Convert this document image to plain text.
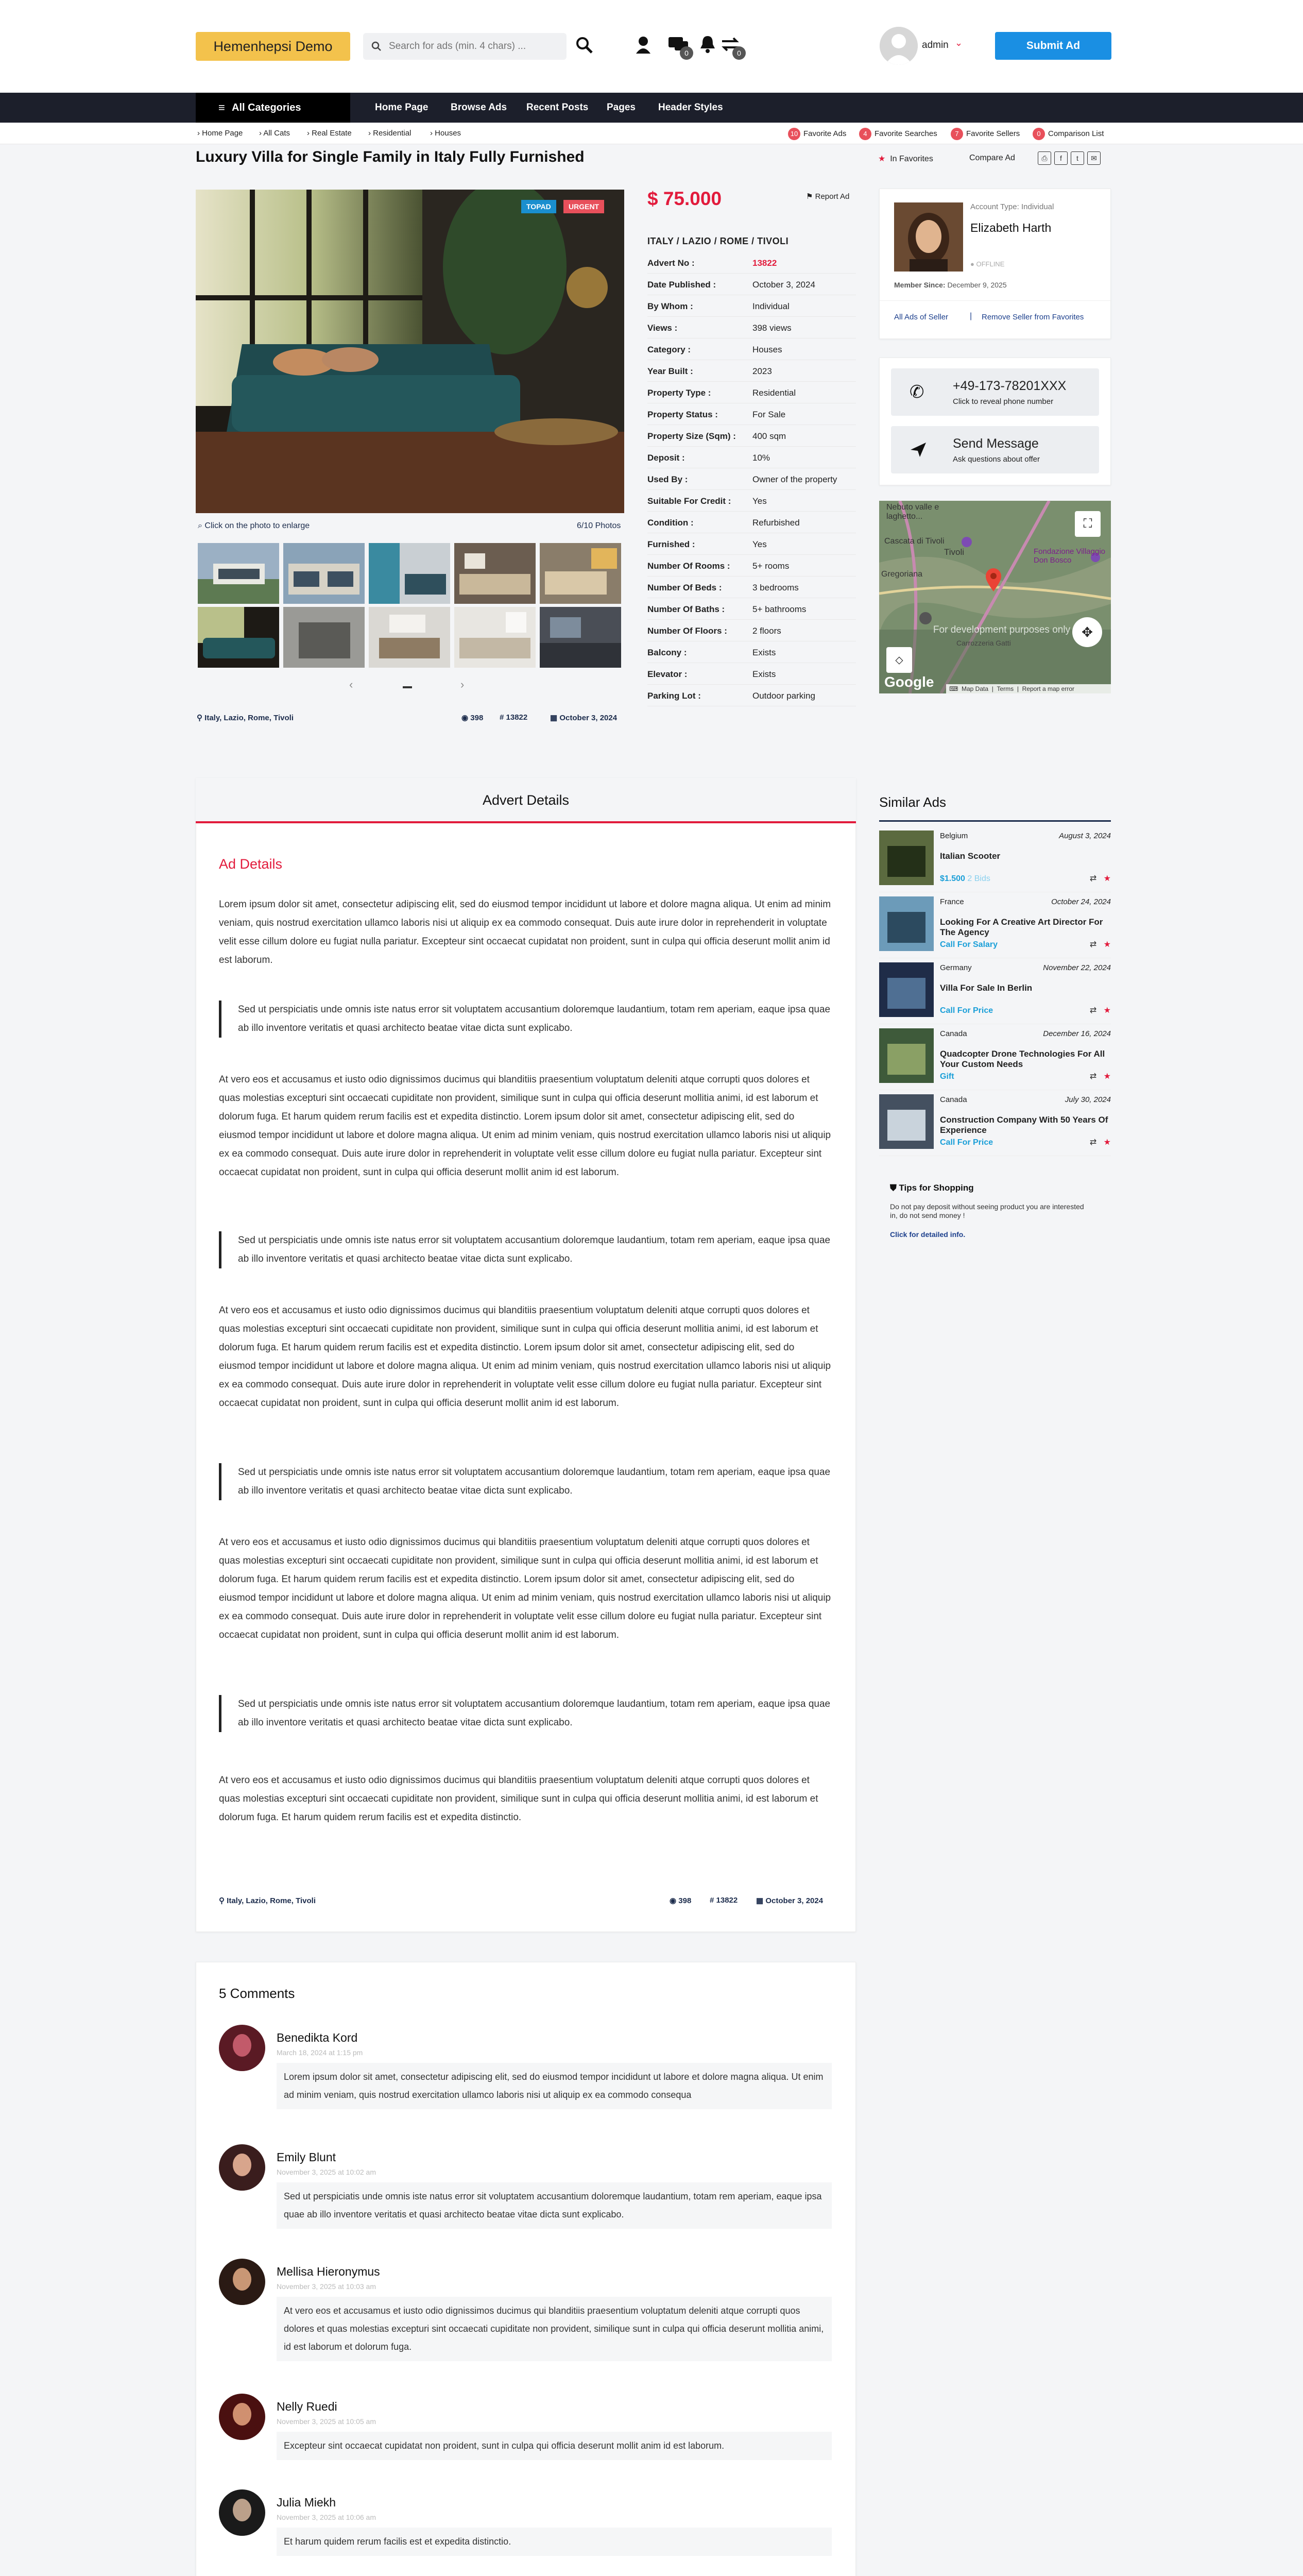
Hemenhepsi Demo
Search for ads (min. 4 chars) ...	0	0
admin ⌄	Submit Ad
≡ All Categories	Home Page Browse Ads Recent Posts Pages Header Styles
› Home Page › All Cats › Real Estate › Residential › Houses	10 Favorite Ads	4 Favorite Searches	7 Favorite Sellers	0 Comparison List
Luxury Villa for Single Family in Italy Fully Furnished	★ In Favorites	Compare Ad	⎙	f	t	✉
TOPAD	URGENT
⌕ Click on the photo to enlarge	6/10 Photos
‹	›
⚲ Italy, Lazio, Rome, Tivoli	◉ 398 # 13822	▦ October 3, 2024
$ 75.000	⚑ Report Ad
ITALY / LAZIO / ROME / TIVOLI
Advert No :	13822
Date Published :	October 3, 2024
By Whom :	Individual
Views :	398 views
Category :	Houses
Year Built :	2023
Property Type :	Residential
Property Status :	For Sale
Property Size (Sqm) : 400 sqm
Deposit :	10%
Used By :	Owner of the property
Suitable For Credit : Yes
Condition :	Refurbished
Furnished :	Yes
Number Of Rooms :	5+ rooms
Number Of Beds :	3 bedrooms
Number Of Baths :	5+ bathrooms
Number Of Floors :	2 floors
Balcony :	Exists
Elevator :	Exists
Parking Lot :	Outdoor parking
Account Type: Individual
Elizabeth Harth
● OFFLINE
Member Since: December 9, 2025
All Ads of Seller	| Remove Seller from Favorites
✆ +49-173-78201XXX
Click to reveal phone number
Send Message
Ask questions about offer
Nebuto valle e laghetto...
Cascata di Tivoli
Fondazione Villaggio Don Bosco
Gregoriana
Tivoli
Carrozzeria Gatti
For development purposes only
⛶
✥
⬦
Google	⌨ Map Data  |  Terms  |  Report a map error
Advert Details
Ad Details
Lorem ipsum dolor sit amet, consectetur adipiscing elit, sed do eiusmod tempor incididunt ut labore et dolore magna aliqua. Ut enim ad minim veniam, quis nostrud exercitation ullamco laboris nisi ut aliquip ex ea commodo consequat. Duis aute irure dolor in reprehenderit in voluptate velit esse cillum dolore eu fugiat nulla pariatur. Excepteur sint occaecat cupidatat non proident, sunt in culpa qui officia deserunt mollit anim id est laborum.
Sed ut perspiciatis unde omnis iste natus error sit voluptatem accusantium doloremque laudantium, totam rem aperiam, eaque ipsa quae ab illo inventore veritatis et quasi architecto beatae vitae dicta sunt explicabo.
At vero eos et accusamus et iusto odio dignissimos ducimus qui blanditiis praesentium voluptatum deleniti atque corrupti quos dolores et quas molestias excepturi sint occaecati cupiditate non provident, similique sunt in culpa qui officia deserunt mollitia animi, id est laborum et dolorum fuga. Et harum quidem rerum facilis est et expedita distinctio. Lorem ipsum dolor sit amet, consectetur adipiscing elit, sed do eiusmod tempor incididunt ut labore et dolore magna aliqua. Ut enim ad minim veniam, quis nostrud exercitation ullamco laboris nisi ut aliquip ex ea commodo consequat. Duis aute irure dolor in reprehenderit in voluptate velit esse cillum dolore eu fugiat nulla pariatur. Excepteur sint occaecat cupidatat non proident, sunt in culpa qui officia deserunt mollit anim id est laborum.
Sed ut perspiciatis unde omnis iste natus error sit voluptatem accusantium doloremque laudantium, totam rem aperiam, eaque ipsa quae ab illo inventore veritatis et quasi architecto beatae vitae dicta sunt explicabo.
At vero eos et accusamus et iusto odio dignissimos ducimus qui blanditiis praesentium voluptatum deleniti atque corrupti quos dolores et quas molestias excepturi sint occaecati cupiditate non provident, similique sunt in culpa qui officia deserunt mollitia animi, id est laborum et dolorum fuga. Et harum quidem rerum facilis est et expedita distinctio. Lorem ipsum dolor sit amet, consectetur adipiscing elit, sed do eiusmod tempor incididunt ut labore et dolore magna aliqua. Ut enim ad minim veniam, quis nostrud exercitation ullamco laboris nisi ut aliquip ex ea commodo consequat. Duis aute irure dolor in reprehenderit in voluptate velit esse cillum dolore eu fugiat nulla pariatur. Excepteur sint occaecat cupidatat non proident, sunt in culpa qui officia deserunt mollit anim id est laborum.
Sed ut perspiciatis unde omnis iste natus error sit voluptatem accusantium doloremque laudantium, totam rem aperiam, eaque ipsa quae ab illo inventore veritatis et quasi architecto beatae vitae dicta sunt explicabo.
At vero eos et accusamus et iusto odio dignissimos ducimus qui blanditiis praesentium voluptatum deleniti atque corrupti quos dolores et quas molestias excepturi sint occaecati cupiditate non provident, similique sunt in culpa qui officia deserunt mollitia animi, id est laborum et dolorum fuga. Et harum quidem rerum facilis est et expedita distinctio. Lorem ipsum dolor sit amet, consectetur adipiscing elit, sed do eiusmod tempor incididunt ut labore et dolore magna aliqua. Ut enim ad minim veniam, quis nostrud exercitation ullamco laboris nisi ut aliquip ex ea commodo consequat. Duis aute irure dolor in reprehenderit in voluptate velit esse cillum dolore eu fugiat nulla pariatur. Excepteur sint occaecat cupidatat non proident, sunt in culpa qui officia deserunt mollit anim id est laborum.
Sed ut perspiciatis unde omnis iste natus error sit voluptatem accusantium doloremque laudantium, totam rem aperiam, eaque ipsa quae ab illo inventore veritatis et quasi architecto beatae vitae dicta sunt explicabo.
At vero eos et accusamus et iusto odio dignissimos ducimus qui blanditiis praesentium voluptatum deleniti atque corrupti quos dolores et quas molestias excepturi sint occaecati cupiditate non provident, similique sunt in culpa qui officia deserunt mollitia animi, id est laborum et dolorum fuga. Et harum quidem rerum facilis est et expedita distinctio.
⚲ Italy, Lazio, Rome, Tivoli	◉ 398 # 13822 ▦ October 3, 2024
Similar Ads
Belgium	August 3, 2024
Italian Scooter
$1.500 2 Bids	⇄ ★
France	October 24, 2024
Looking For A Creative Art Director For The Agency
Call For Salary	⇄ ★
Germany	November 22, 2024
Villa For Sale In Berlin
Call For Price	⇄ ★
Canada	December 16, 2024
Quadcopter Drone Technologies For All Your Custom Needs
Gift	⇄ ★
Canada	July 30, 2024
Construction Company With 50 Years Of Experience
Call For Price	⇄ ★
⛊ Tips for Shopping
Do not pay deposit without seeing product you are interested in, do not send money !
Click for detailed info.
5 Comments
Benedikta Kord
March 18, 2024 at 1:15 pm
Lorem ipsum dolor sit amet, consectetur adipiscing elit, sed do eiusmod tempor incididunt ut labore et dolore magna aliqua. Ut enim ad minim veniam, quis nostrud exercitation ullamco laboris nisi ut aliquip ex ea commodo consequa
Emily Blunt
November 3, 2025 at 10:02 am
Sed ut perspiciatis unde omnis iste natus error sit voluptatem accusantium doloremque laudantium, totam rem aperiam, eaque ipsa quae ab illo inventore veritatis et quasi architecto beatae vitae dicta sunt explicabo.
Mellisa Hieronymus
November 3, 2025 at 10:03 am
At vero eos et accusamus et iusto odio dignissimos ducimus qui blanditiis praesentium voluptatum deleniti atque corrupti quos dolores et quas molestias excepturi sint occaecati cupiditate non provident, similique sunt in culpa qui officia deserunt mollitia animi, id est laborum et dolorum fuga.
Nelly Ruedi
November 3, 2025 at 10:05 am
Excepteur sint occaecat cupidatat non proident, sunt in culpa qui officia deserunt mollit anim id est laborum.
Julia Miekh
November 3, 2025 at 10:06 am
Et harum quidem rerum facilis est et expedita distinctio.
